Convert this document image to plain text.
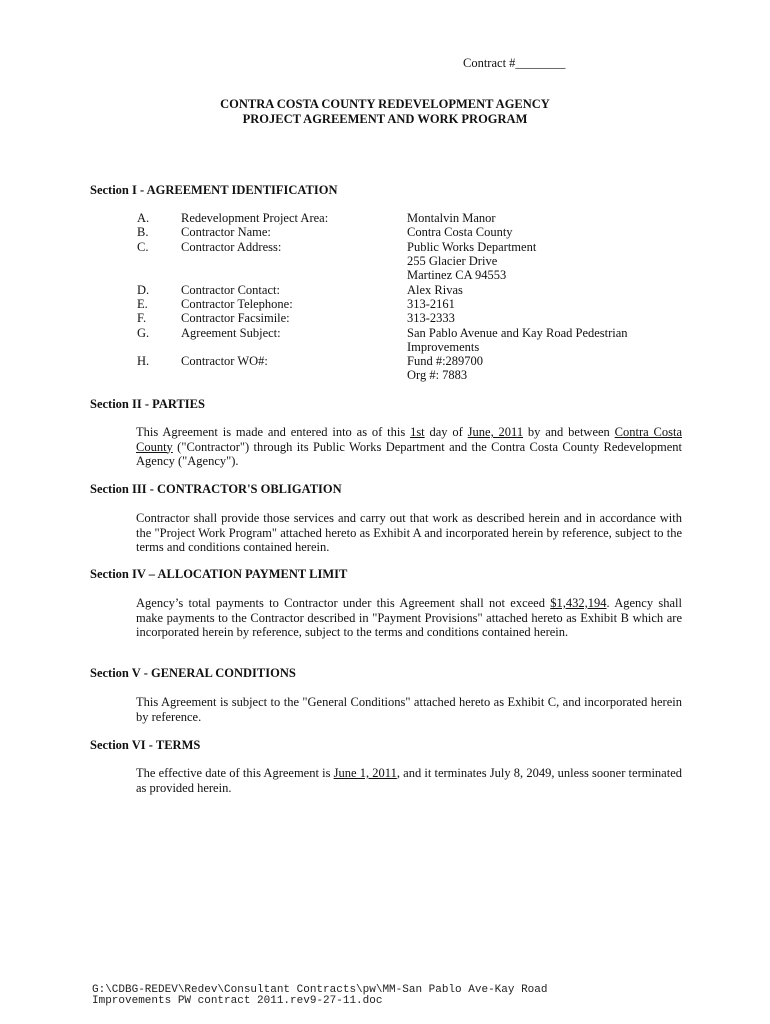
Contract #________
CONTRA COSTA COUNTY REDEVELOPMENT AGENCY
PROJECT AGREEMENT AND WORK PROGRAM
Section I - AGREEMENT IDENTIFICATION
A.	Redevelopment Project Area:	Montalvin Manor
B.	Contractor Name:	Contra Costa County
C.	Contractor Address:	Public Works Department
255 Glacier Drive
Martinez CA 94553
D.	Contractor Contact:	Alex Rivas
E.	Contractor Telephone:	313-2161
F.	Contractor Facsimile:	313-2333
G.	Agreement Subject:	San Pablo Avenue and Kay Road Pedestrian
Improvements
H.	Contractor WO#:	Fund #:289700
Org #: 7883
Section II - PARTIES
This Agreement is made and entered into as of this 1st day of June, 2011 by and between Contra Costa County ("Contractor") through its Public Works Department and the Contra Costa County Redevelopment Agency ("Agency").
Section III - CONTRACTOR'S OBLIGATION
Contractor shall provide those services and carry out that work as described herein and in accordance with the "Project Work Program" attached hereto as Exhibit A and incorporated herein by reference, subject to the terms and conditions contained herein.
Section IV – ALLOCATION PAYMENT LIMIT
Agency’s total payments to Contractor under this Agreement shall not exceed $1,432,194. Agency shall make payments to the Contractor described in "Payment Provisions" attached hereto as Exhibit B which are incorporated herein by reference, subject to the terms and conditions contained herein.
Section V - GENERAL CONDITIONS
This Agreement is subject to the "General Conditions" attached hereto as Exhibit C, and incorporated herein by reference.
Section VI - TERMS
The effective date of this Agreement is June 1, 2011, and it terminates July 8, 2049, unless sooner terminated as provided herein.
G:\CDBG-REDEV\Redev\Consultant Contracts\pw\MM-San Pablo Ave-Kay Road
Improvements PW contract 2011.rev9-27-11.doc
